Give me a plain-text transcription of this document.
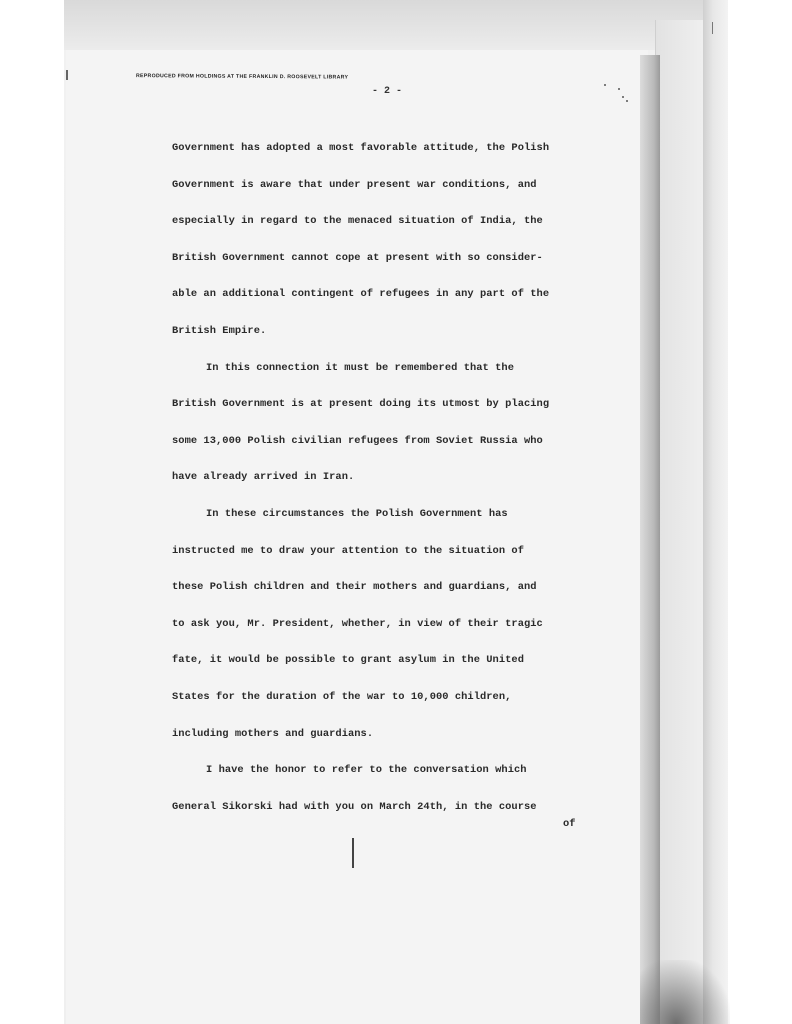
REPRODUCED FROM HOLDINGS AT THE FRANKLIN D. ROOSEVELT LIBRARY
- 2 -
Government has adopted a most favorable attitude, the Polish
Government is aware that under present war conditions, and
especially in regard to the menaced situation of India, the
British Government cannot cope at present with so consider-
able an additional contingent of refugees in any part of the
British Empire.
In this connection it must be remembered that the
British Government is at present doing its utmost by placing
some 13,000 Polish civilian refugees from Soviet Russia who
have already arrived in Iran.
In these circumstances the Polish Government has
instructed me to draw your attention to the situation of
these Polish children and their mothers and guardians, and
to ask you, Mr. President, whether, in view of their tragic
fate, it would be possible to grant asylum in the United
States for the duration of the war to 10,000 children,
including mothers and guardians.
I have the honor to refer to the conversation which
General Sikorski had with you on March 24th, in the course
of
